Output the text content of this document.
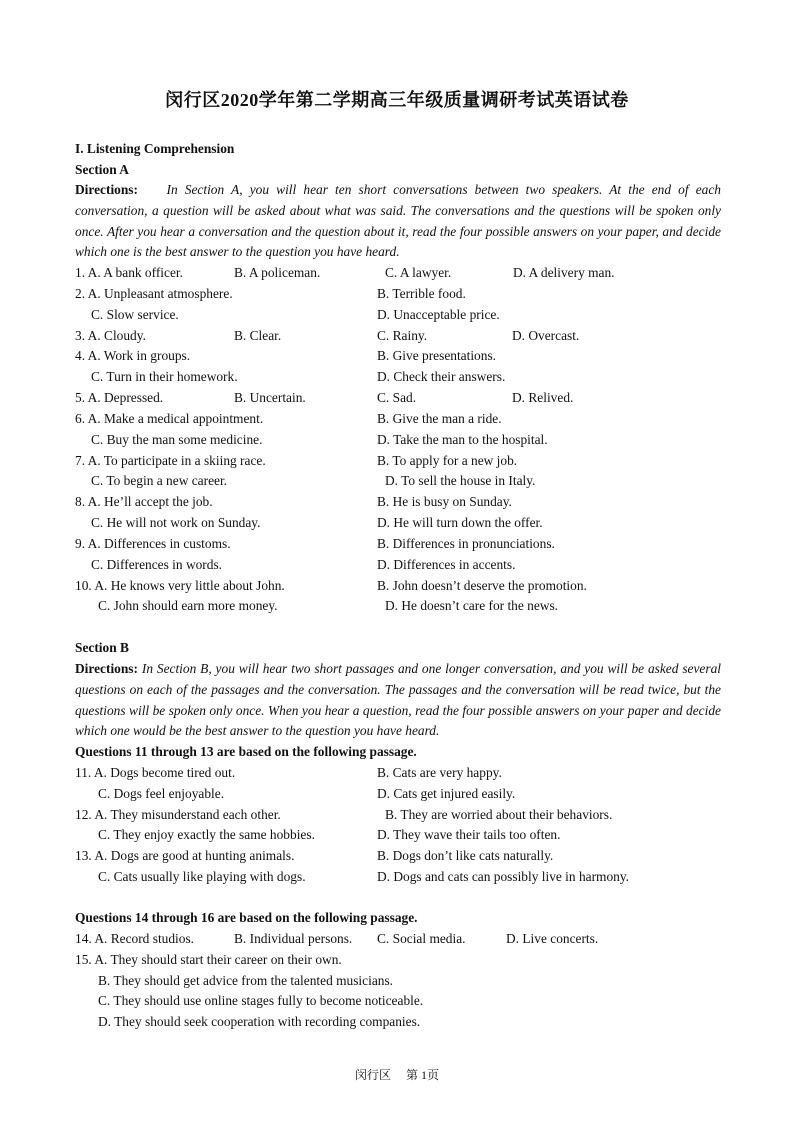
闵行区2020学年第二学期高三年级质量调研考试英语试卷
I. Listening Comprehension
Section A
Directions: In Section A, you will hear ten short conversations between two speakers. At the end of each conversation, a question will be asked about what was said. The conversations and the questions will be spoken only once. After you hear a conversation and the question about it, read the four possible answers on your paper, and decide which one is the best answer to the question you have heard.
1. A. A bank officer.	B. A policeman.	C. A lawyer.	D. A delivery man.
2. A. Unpleasant atmosphere.	B. Terrible food.
C. Slow service.	D. Unacceptable price.
3. A. Cloudy.	B. Clear.	C. Rainy.	D. Overcast.
4. A. Work in groups.	B. Give presentations.
C. Turn in their homework.	D. Check their answers.
5. A. Depressed.	B. Uncertain.	C. Sad.	D. Relived.
6. A. Make a medical appointment.	B. Give the man a ride.
C. Buy the man some medicine.	D. Take the man to the hospital.
7. A. To participate in a skiing race.	B. To apply for a new job.
C. To begin a new career.	D. To sell the house in Italy.
8. A. He’ll accept the job.	B. He is busy on Sunday.
C. He will not work on Sunday.	D. He will turn down the offer.
9. A. Differences in customs.	B. Differences in pronunciations.
C. Differences in words.	D. Differences in accents.
10. A. He knows very little about John.	B. John doesn’t deserve the promotion.
C. John should earn more money.	D. He doesn’t care for the news.
Section B
Directions: In Section B, you will hear two short passages and one longer conversation, and you will be asked several questions on each of the passages and the conversation. The passages and the conversation will be read twice, but the questions will be spoken only once. When you hear a question, read the four possible answers on your paper and decide which one would be the best answer to the question you have heard.
Questions 11 through 13 are based on the following passage.
11. A. Dogs become tired out.	B. Cats are very happy.
C. Dogs feel enjoyable.	D. Cats get injured easily.
12. A. They misunderstand each other.	B. They are worried about their behaviors.
C. They enjoy exactly the same hobbies.	D. They wave their tails too often.
13. A. Dogs are good at hunting animals.	B. Dogs don’t like cats naturally.
C. Cats usually like playing with dogs.	D. Dogs and cats can possibly live in harmony.
Questions 14 through 16 are based on the following passage.
14. A. Record studios.	B. Individual persons. C. Social media.	D. Live concerts.
15. A. They should start their career on their own.
B. They should get advice from the talented musicians.
C. They should use online stages fully to become noticeable.
D. They should seek cooperation with recording companies.
闵行区 第 1页
